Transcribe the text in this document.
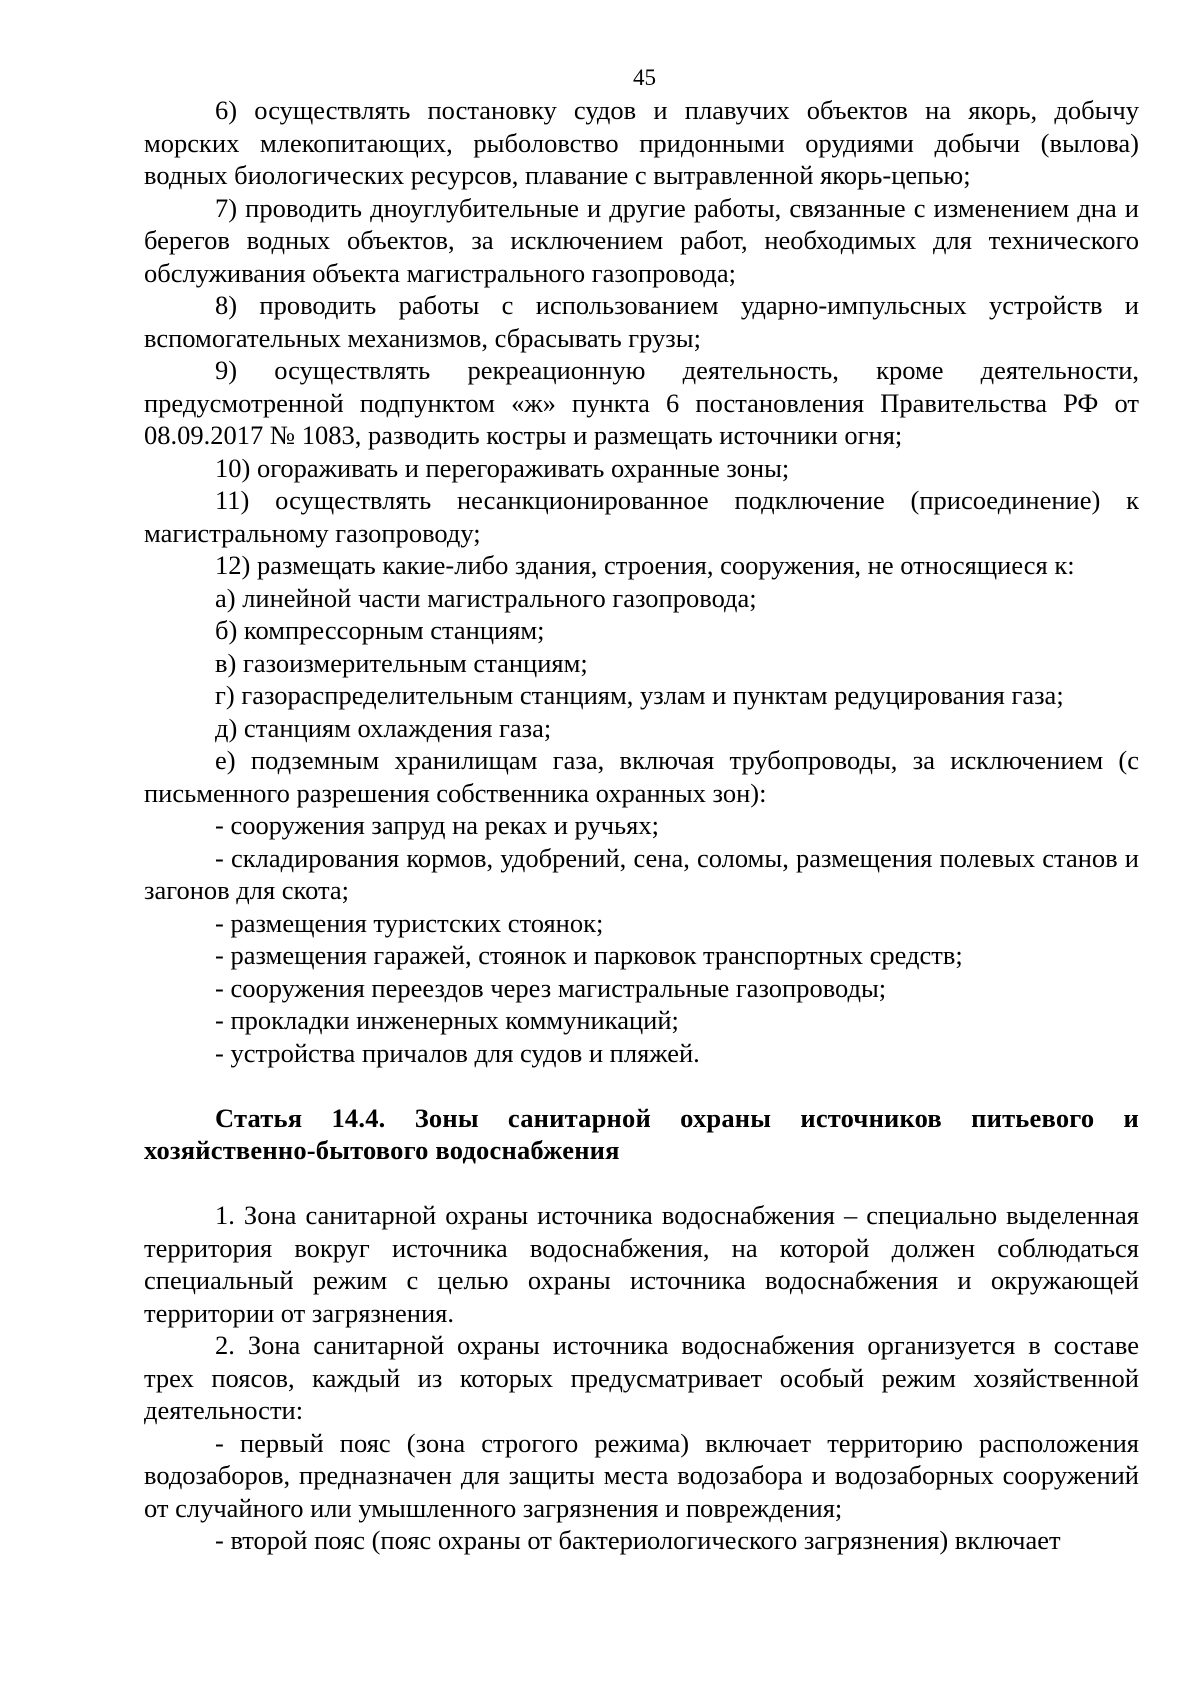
45

6) осуществлять постановку судов и плавучих объектов на якорь, добычу морских млекопитающих, рыболовство придонными орудиями добычи (вылова) водных биологических ресурсов, плавание с вытравленной якорь-цепью;

7) проводить дноуглубительные и другие работы, связанные с изменением дна и берегов водных объектов, за исключением работ, необходимых для технического обслуживания объекта магистрального газопровода;

8) проводить работы с использованием ударно-импульсных устройств и вспомогательных механизмов, сбрасывать грузы;

9) осуществлять рекреационную деятельность, кроме деятельности, предусмотренной подпунктом «ж» пункта 6 постановления Правительства РФ от 08.09.2017 № 1083, разводить костры и размещать источники огня;

10) огораживать и перегораживать охранные зоны;

11) осуществлять несанкционированное подключение (присоединение) к магистральному газопроводу;

12) размещать какие-либо здания, строения, сооружения, не относящиеся к:

а) линейной части магистрального газопровода;

б) компрессорным станциям;

в) газоизмерительным станциям;

г) газораспределительным станциям, узлам и пунктам редуцирования газа;

д) станциям охлаждения газа;

е) подземным хранилищам газа, включая трубопроводы, за исключением (с письменного разрешения собственника охранных зон):

- сооружения запруд на реках и ручьях;

- складирования кормов, удобрений, сена, соломы, размещения полевых станов и загонов для скота;

- размещения туристских стоянок;

- размещения гаражей, стоянок и парковок транспортных средств;

- сооружения переездов через магистральные газопроводы;

- прокладки инженерных коммуникаций;

- устройства причалов для судов и пляжей.

Статья 14.4. Зоны санитарной охраны источников питьевого и хозяйственно-бытового водоснабжения

1. Зона санитарной охраны источника водоснабжения – специально выделенная территория вокруг источника водоснабжения, на которой должен соблюдаться специальный режим с целью охраны источника водоснабжения и окружающей территории от загрязнения.

2. Зона санитарной охраны источника водоснабжения организуется в составе трех поясов, каждый из которых предусматривает особый режим хозяйственной деятельности:

- первый пояс (зона строгого режима) включает территорию расположения водозаборов, предназначен для защиты места водозабора и водозаборных сооружений от случайного или умышленного загрязнения и повреждения;

- второй пояс (пояс охраны от бактериологического загрязнения) включает
